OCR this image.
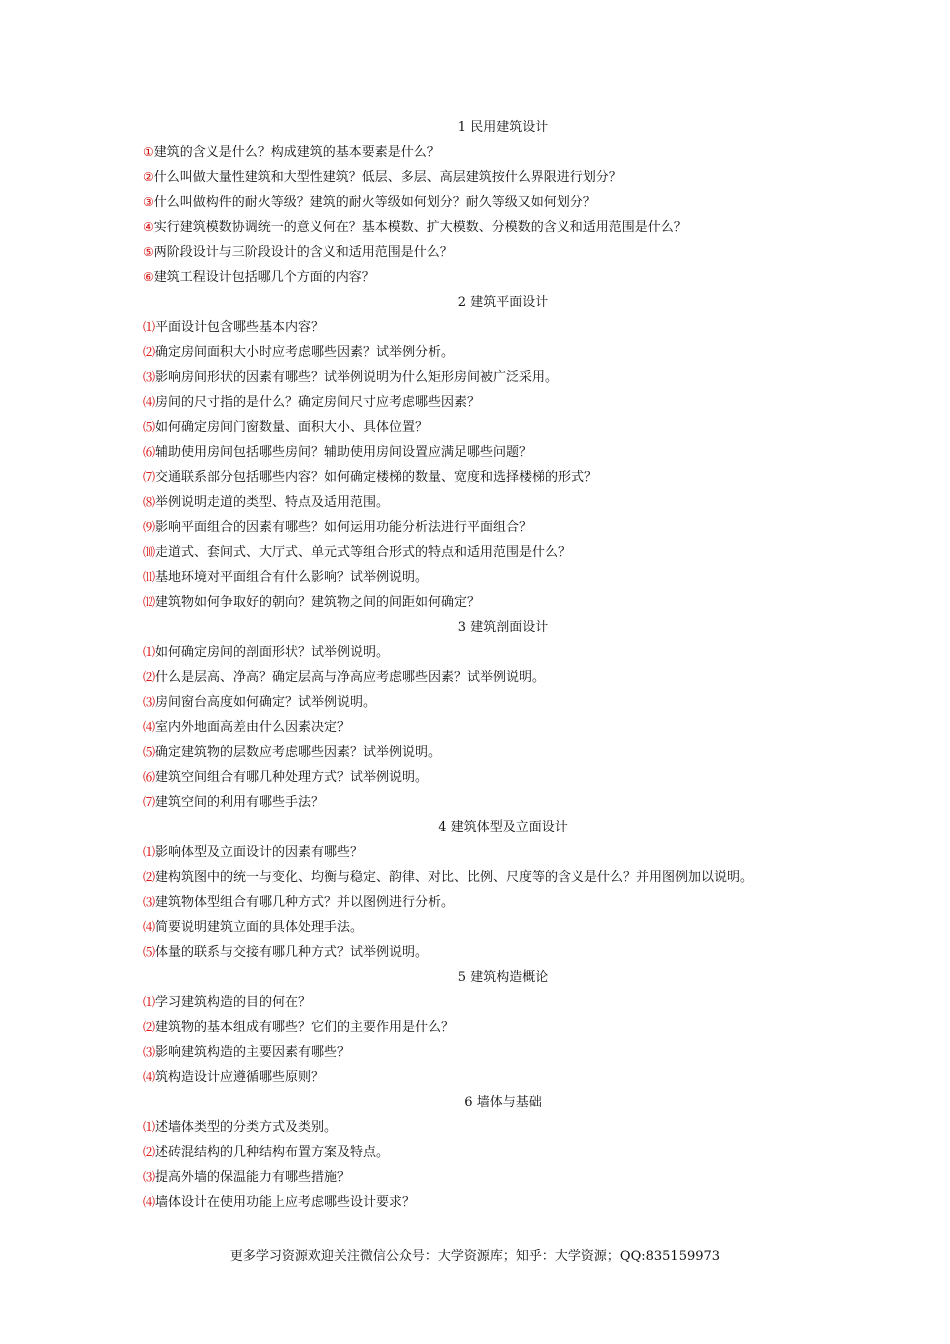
1 民用建筑设计
①建筑的含义是什么？构成建筑的基本要素是什么？
②什么叫做大量性建筑和大型性建筑？低层、多层、高层建筑按什么界限进行划分？
③什么叫做构件的耐火等级？建筑的耐火等级如何划分？耐久等级又如何划分？
④实行建筑模数协调统一的意义何在？基本模数、扩大模数、分模数的含义和适用范围是什么？
⑤两阶段设计与三阶段设计的含义和适用范围是什么？
⑥建筑工程设计包括哪几个方面的内容？
2 建筑平面设计
⑴平面设计包含哪些基本内容？
⑵确定房间面积大小时应考虑哪些因素？试举例分析。
⑶影响房间形状的因素有哪些？试举例说明为什么矩形房间被广泛采用。
⑷房间的尺寸指的是什么？确定房间尺寸应考虑哪些因素？
⑸如何确定房间门窗数量、面积大小、具体位置？
⑹辅助使用房间包括哪些房间？辅助使用房间设置应满足哪些问题？
⑺交通联系部分包括哪些内容？如何确定楼梯的数量、宽度和选择楼梯的形式？
⑻举例说明走道的类型、特点及适用范围。
⑼影响平面组合的因素有哪些？如何运用功能分析法进行平面组合？
⑽走道式、套间式、大厅式、单元式等组合形式的特点和适用范围是什么？
⑾基地环境对平面组合有什么影响？试举例说明。
⑿建筑物如何争取好的朝向？建筑物之间的间距如何确定？
3 建筑剖面设计
⑴如何确定房间的剖面形状？试举例说明。
⑵什么是层高、净高？确定层高与净高应考虑哪些因素？试举例说明。
⑶房间窗台高度如何确定？试举例说明。
⑷室内外地面高差由什么因素决定？
⑸确定建筑物的层数应考虑哪些因素？试举例说明。
⑹建筑空间组合有哪几种处理方式？试举例说明。
⑺建筑空间的利用有哪些手法？
4 建筑体型及立面设计
⑴影响体型及立面设计的因素有哪些？
⑵建构筑图中的统一与变化、均衡与稳定、韵律、对比、比例、尺度等的含义是什么？并用图例加以说明。
⑶建筑物体型组合有哪几种方式？并以图例进行分析。
⑷简要说明建筑立面的具体处理手法。
⑸体量的联系与交接有哪几种方式？试举例说明。
5 建筑构造概论
⑴学习建筑构造的目的何在？
⑵建筑物的基本组成有哪些？它们的主要作用是什么？
⑶影响建筑构造的主要因素有哪些？
⑷筑构造设计应遵循哪些原则？
6 墙体与基础
⑴述墙体类型的分类方式及类别。
⑵述砖混结构的几种结构布置方案及特点。
⑶提高外墙的保温能力有哪些措施？
⑷墙体设计在使用功能上应考虑哪些设计要求？
更多学习资源欢迎关注微信公众号：大学资源库；知乎：大学资源；QQ:835159973
